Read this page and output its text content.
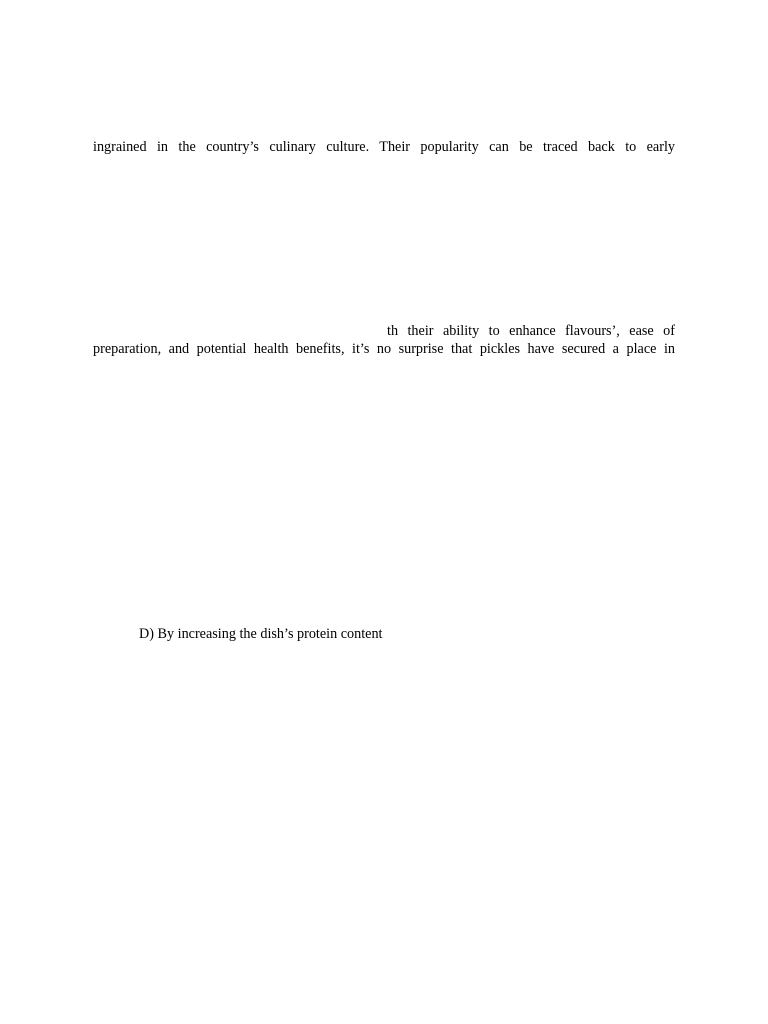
ingrained in the country’s culinary culture. Their popularity can be traced back to early
th their ability to enhance flavours’, ease of
preparation, and potential health benefits, it’s no surprise that pickles have secured a place in
D) By increasing the dish’s protein content
